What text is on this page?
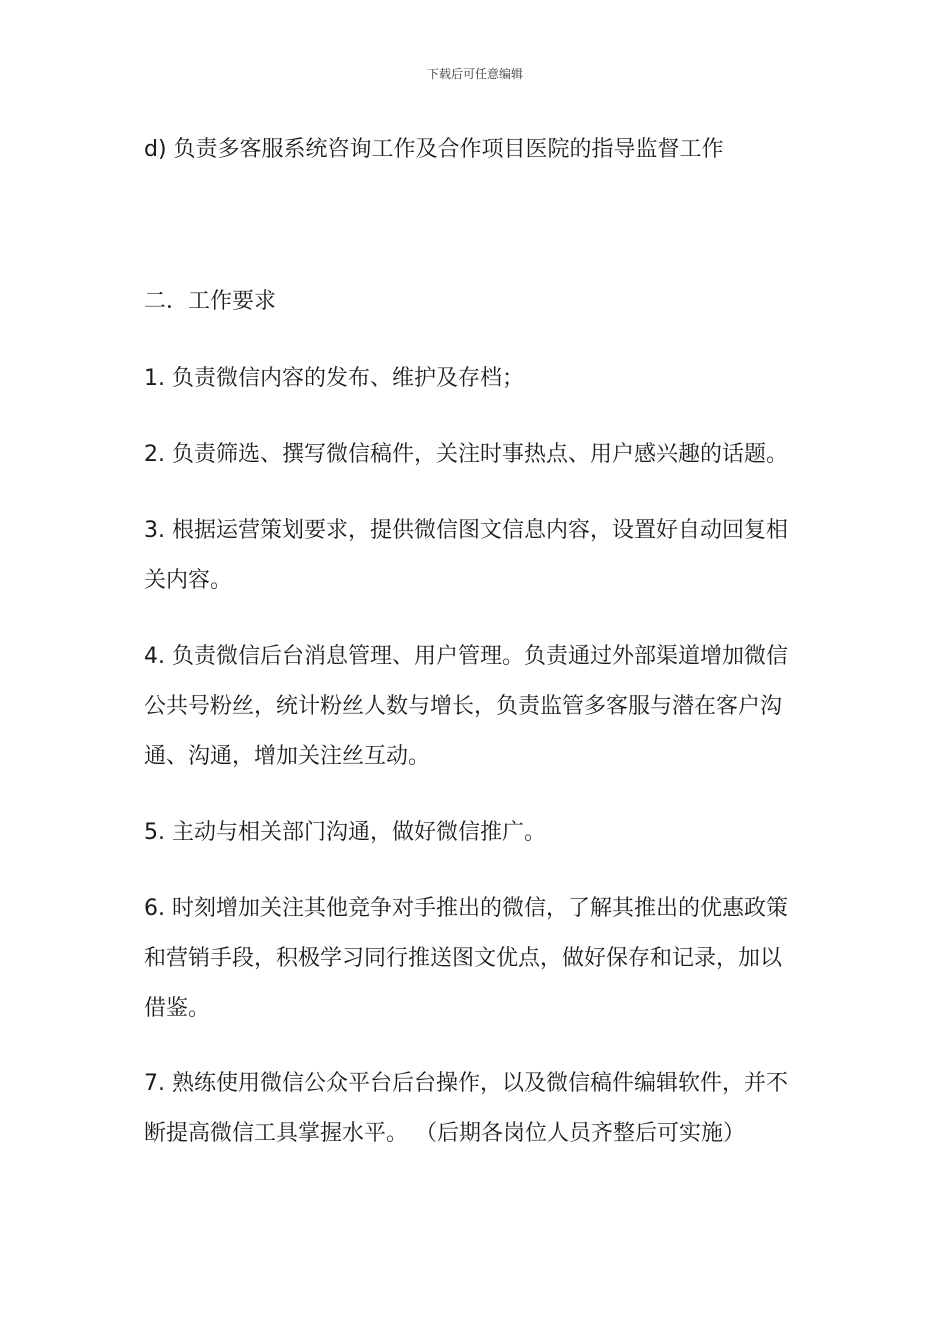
下载后可任意编辑
d) 负责多客服系统咨询工作及合作项目医院的指导监督工作
二．工作要求
1. 负责微信内容的发布、维护及存档；
2. 负责筛选、撰写微信稿件，关注时事热点、用户感兴趣的话题。
3. 根据运营策划要求，提供微信图文信息内容，设置好自动回复相
关内容。
4. 负责微信后台消息管理、用户管理。负责通过外部渠道增加微信
公共号粉丝，统计粉丝人数与增长，负责监管多客服与潜在客户沟
通、沟通，增加关注丝互动。
5. 主动与相关部门沟通，做好微信推广。
6. 时刻增加关注其他竞争对手推出的微信，了解其推出的优惠政策
和营销手段，积极学习同行推送图文优点，做好保存和记录，加以
借鉴。
7. 熟练使用微信公众平台后台操作，以及微信稿件编辑软件，并不
断提高微信工具掌握水平。 （后期各岗位人员齐整后可实施）
